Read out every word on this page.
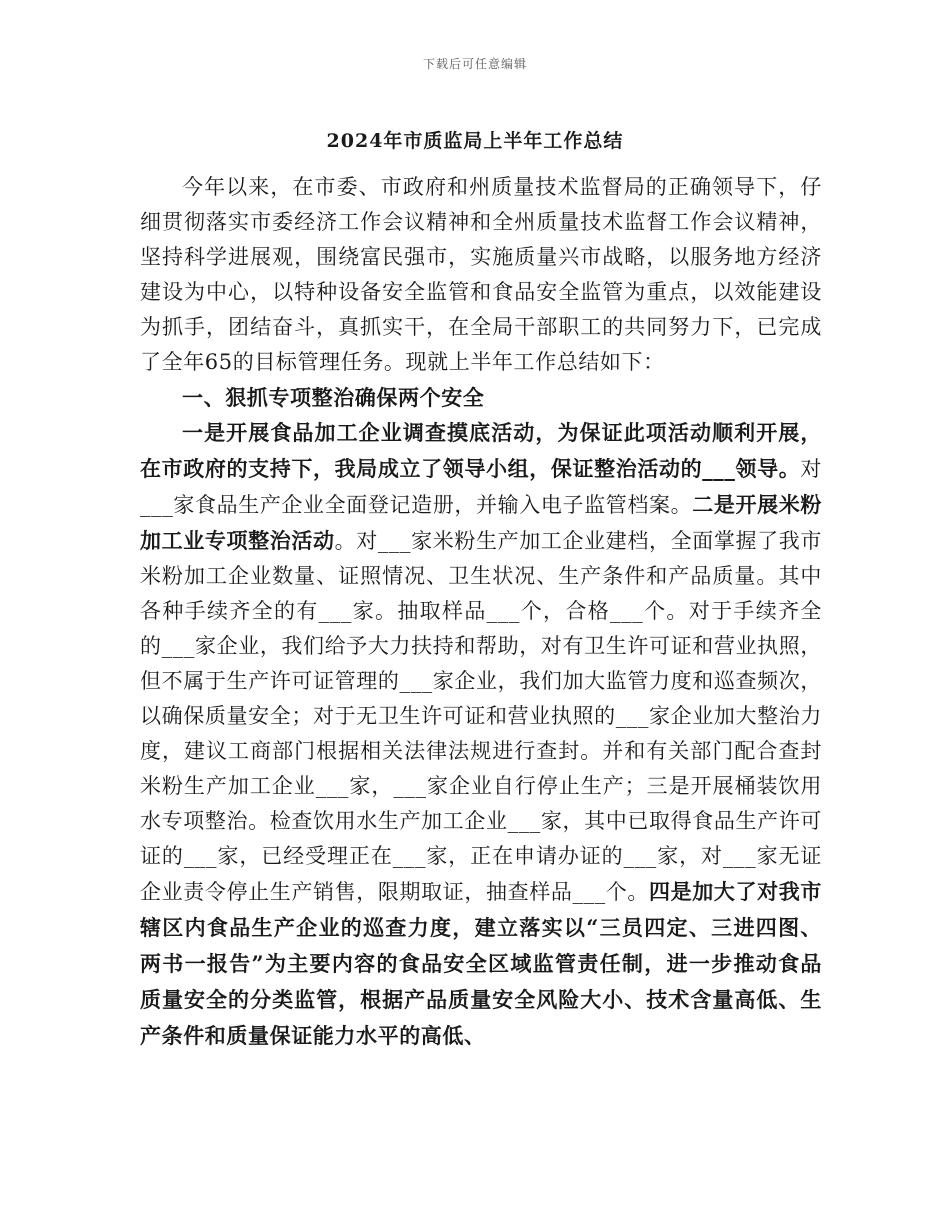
下载后可任意编辑
2024年市质监局上半年工作总结

今年以来，在市委、市政府和州质量技术监督局的正确领导下，仔细贯彻落实市委经济工作会议精神和全州质量技术监督工作会议精神，坚持科学进展观，围绕富民强市，实施质量兴市战略，以服务地方经济建设为中心，以特种设备安全监管和食品安全监管为重点，以效能建设为抓手，团结奋斗，真抓实干，在全局干部职工的共同努力下，已完成了全年65的目标管理任务。现就上半年工作总结如下：

一、狠抓专项整治确保两个安全

一是开展食品加工企业调查摸底活动，为保证此项活动顺利开展，在市政府的支持下，我局成立了领导小组，保证整治活动的___领导。对___家食品生产企业全面登记造册，并输入电子监管档案。二是开展米粉加工业专项整治活动。对___家米粉生产加工企业建档，全面掌握了我市米粉加工企业数量、证照情况、卫生状况、生产条件和产品质量。其中各种手续齐全的有___家。抽取样品___个，合格___个。对于手续齐全的___家企业，我们给予大力扶持和帮助，对有卫生许可证和营业执照，但不属于生产许可证管理的___家企业，我们加大监管力度和巡查频次，以确保质量安全；对于无卫生许可证和营业执照的___家企业加大整治力度，建议工商部门根据相关法律法规进行查封。并和有关部门配合查封米粉生产加工企业___家，___家企业自行停止生产；三是开展桶装饮用水专项整治。检查饮用水生产加工企业___家，其中已取得食品生产许可证的___家，已经受理正在___家，正在申请办证的___家，对___家无证企业责令停止生产销售，限期取证，抽查样品___个。四是加大了对我市辖区内食品生产企业的巡查力度，建立落实以“三员四定、三进四图、两书一报告”为主要内容的食品安全区域监管责任制，进一步推动食品质量安全的分类监管，根据产品质量安全风险大小、技术含量高低、生产条件和质量保证能力水平的高低、
